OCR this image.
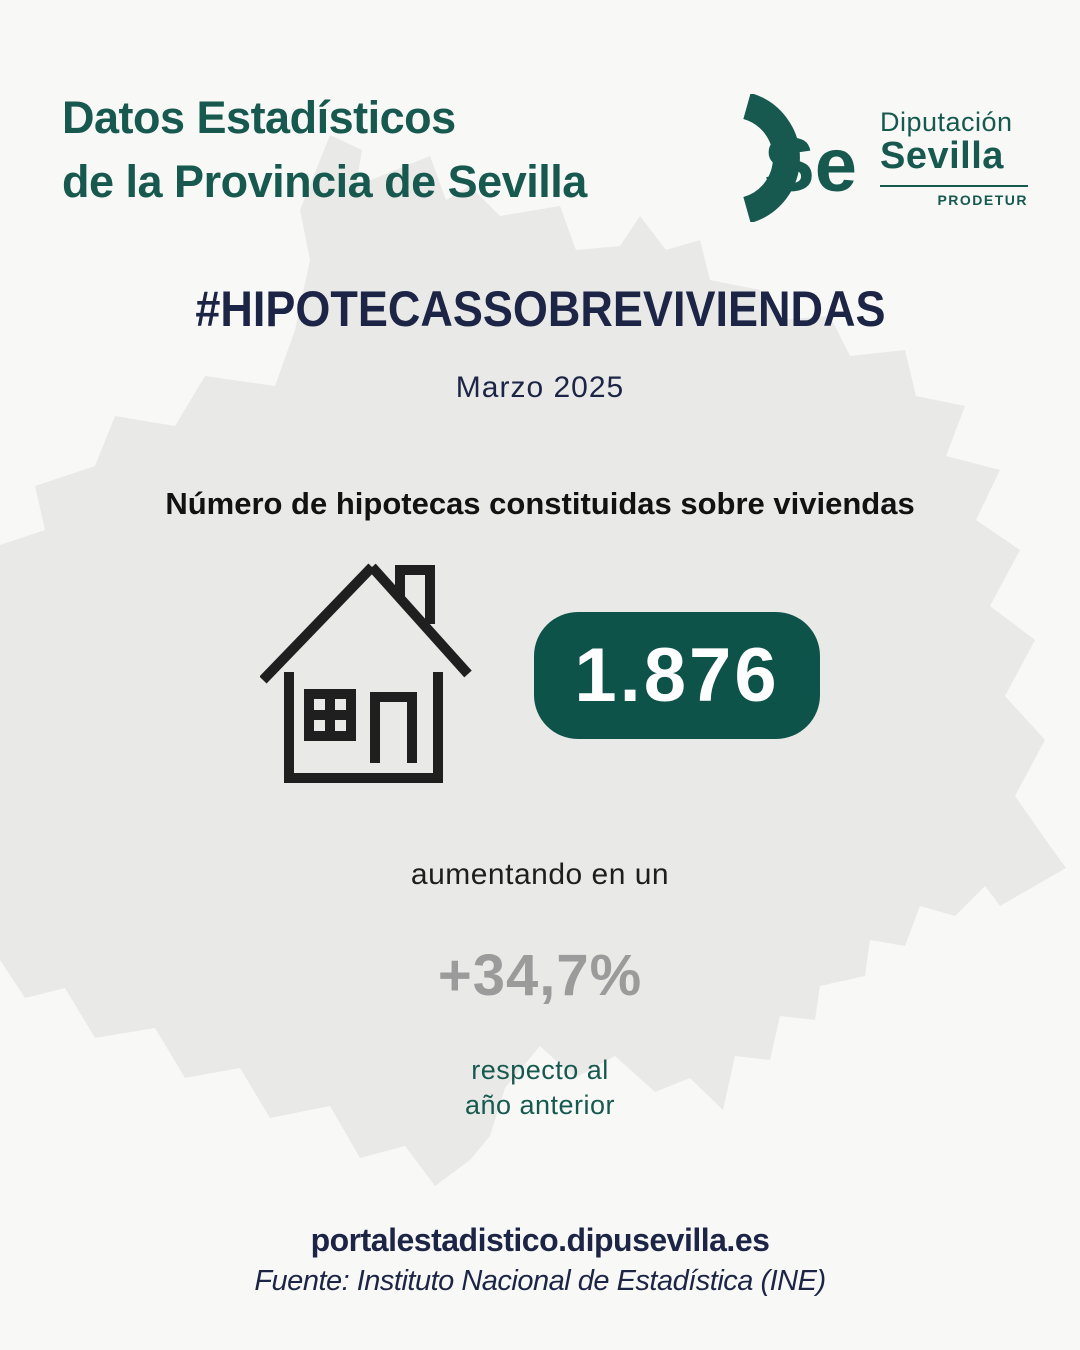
Datos Estadísticos
de la Provincia de Sevilla Se
Diputación
Sevilla
PRODETUR
#HIPOTECASSOBREVIVIENDAS
Marzo 2025
Número de hipotecas constituidas sobre viviendas
1.876
aumentando en un
+34,7%
respecto al
año anterior
portalestadistico.dipusevilla.es
Fuente: Instituto Nacional de Estadística (INE)
